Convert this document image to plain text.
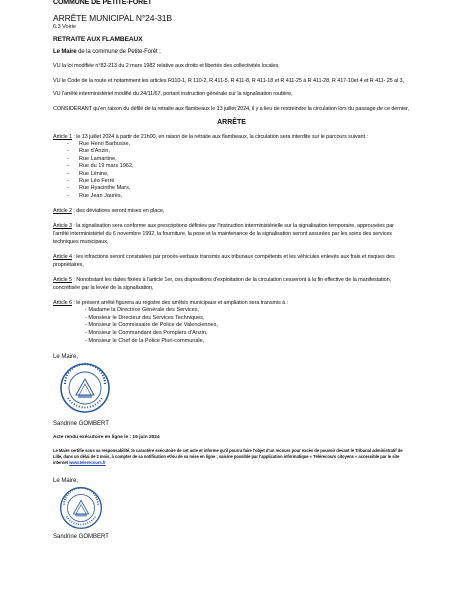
COMMUNE DE PETITE-FORET
ARRÊTE MUNICIPAL N°24-31B
6.3 Voirie
RETRAITE AUX FLAMBEAUX
Le Maire de la commune de Petite-Forêt ;

VU la loi modifiée n°82-213 du 2 mars 1982 relative aux droits et libertés des collectivités locales,

VU le Code de la route et notamment les articles R110-1, R 110-2, R 411-5, R 411-8, R 411-18 et R 411-25 à R 411-28, R 417-10et 4 et R 411- 25 al 3,

VU l'arrêté interministériel modifié du 24/11/67, portant instruction générale sur la signalisation routière,

CONSIDÉRANT qu'en raison du défilé de la retraite aux flambeaux le 13 juillet 2024, il y a lieu de restreindre la circulation lors du passage de ce dernier,

ARRÊTE
Article 1 : le 13 juillet 2024 à partir de 21h00, en raison de la retraite aux flambeaux, la circulation sera interdite sur le parcours suivant :
- Rue Henri Barbusse,
- Rue d'Anzin,
- Rue Lamartine,
- Rue du 19 mars 1962,
- Rue Lénine,
- Rue Léo Ferré
- Rue Hyacinthe Mars,
- Rue Jean Jaurès,
Article 2 : des déviations seront mises en place,
Article 3 : la signalisation sera conforme aux prescriptions définies par l'instruction interministérielle sur la signalisation temporaire, approuvées par l'arrêté interministériel du 6 novembre 1992, la fourniture, la pose et la maintenance de la signalisation seront assurées par les soins des services techniques municipaux,
Article 4 : les infractions seront constatées par procès-verbaux transmis aux tribunaux compétents et les véhicules enlevés aux frais et risques des propriétaires,
Article 5 : Nonobstant les dates fixées à l'article 1er, ces dispositions d'exploitation de la circulation cesseront à la fin effective de la manifestation, concrétisée par la levée de la signalisation,
Article 6 : le présent arrêté figurera au registre des arrêtés municipaux et ampliation sera transmis à :
- Madame la Directrice Générale des Services,
- Monsieur le Directeur des Services Techniques,
- Monsieur le Commissaire de Police de Valenciennes,
- Monsieur le Commandant des Pompiers d'Anzin,
- Monsieur le Chef de la Police Pluri-communale,
Le Maire,
Sandrine GOMBERT
Acte rendu exécutoire en ligne le : 19 juin 2024
Le Maire certifie sous sa responsabilité, le caractère exécutoire de cet acte et informe qu'il pourra faire l'objet d'un recours pour excès de pouvoir devant le Tribunal administratif de Lille, dans un délai de 2 mois, à compter de sa notification et/ou de sa mise en ligne ; saisine possible par l'application informatique « Télérecours citoyens » accessible par le site internet www.telerecours.fr
Le Maire,
Sandrine GOMBERT
